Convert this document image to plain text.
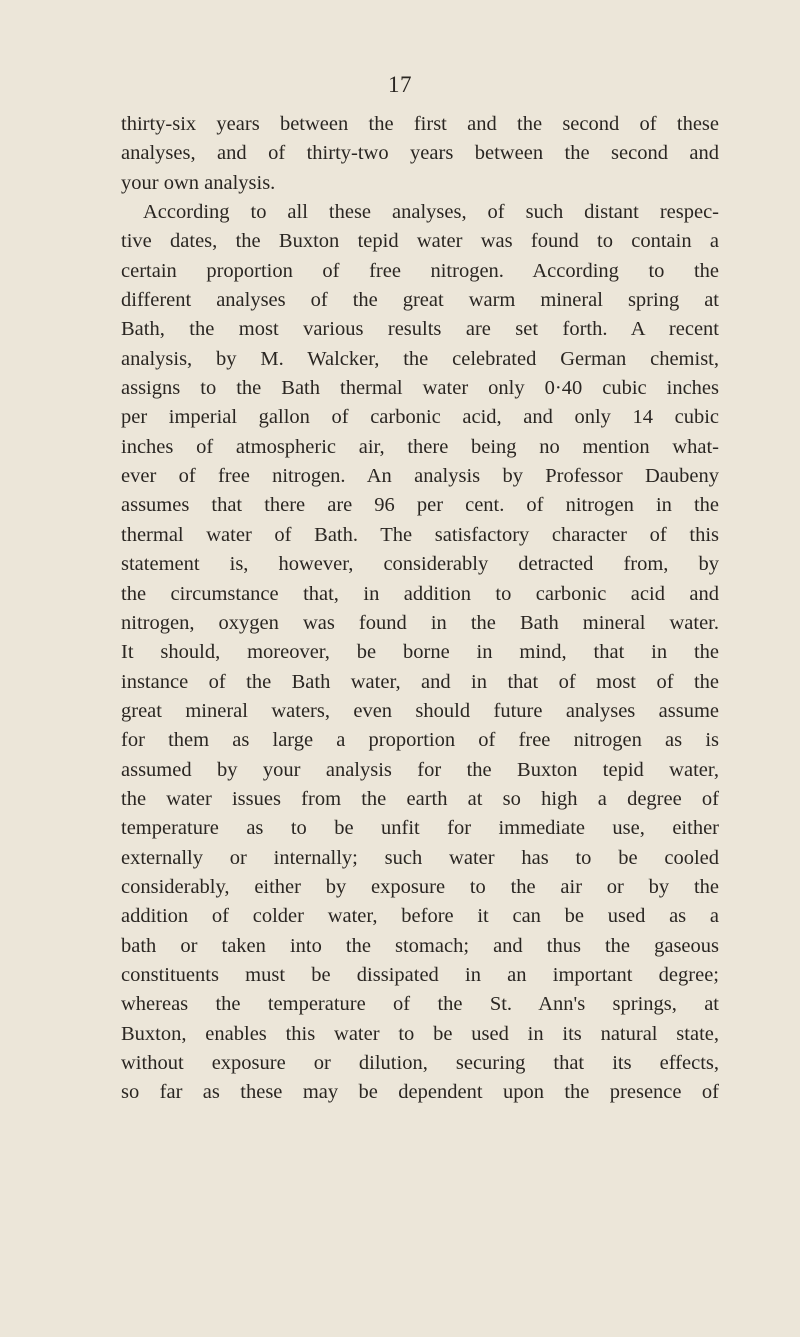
17
thirty-six years between the first and the second of these
analyses, and of thirty-two years between the second and
your own analysis.
According to all these analyses, of such distant respec-
tive dates, the Buxton tepid water was found to contain a
certain proportion of free nitrogen. According to the
different analyses of the great warm mineral spring at
Bath, the most various results are set forth. A recent
analysis, by M. Walcker, the celebrated German chemist,
assigns to the Bath thermal water only 0·40 cubic inches
per imperial gallon of carbonic acid, and only 14 cubic
inches of atmospheric air, there being no mention what-
ever of free nitrogen. An analysis by Professor Daubeny
assumes that there are 96 per cent. of nitrogen in the
thermal water of Bath. The satisfactory character of this
statement is, however, considerably detracted from, by
the circumstance that, in addition to carbonic acid and
nitrogen, oxygen was found in the Bath mineral water.
It should, moreover, be borne in mind, that in the
instance of the Bath water, and in that of most of the
great mineral waters, even should future analyses assume
for them as large a proportion of free nitrogen as is
assumed by your analysis for the Buxton tepid water,
the water issues from the earth at so high a degree of
temperature as to be unfit for immediate use, either
externally or internally; such water has to be cooled
considerably, either by exposure to the air or by the
addition of colder water, before it can be used as a
bath or taken into the stomach; and thus the gaseous
constituents must be dissipated in an important degree;
whereas the temperature of the St. Ann's springs, at
Buxton, enables this water to be used in its natural state,
without exposure or dilution, securing that its effects,
so far as these may be dependent upon the presence of
